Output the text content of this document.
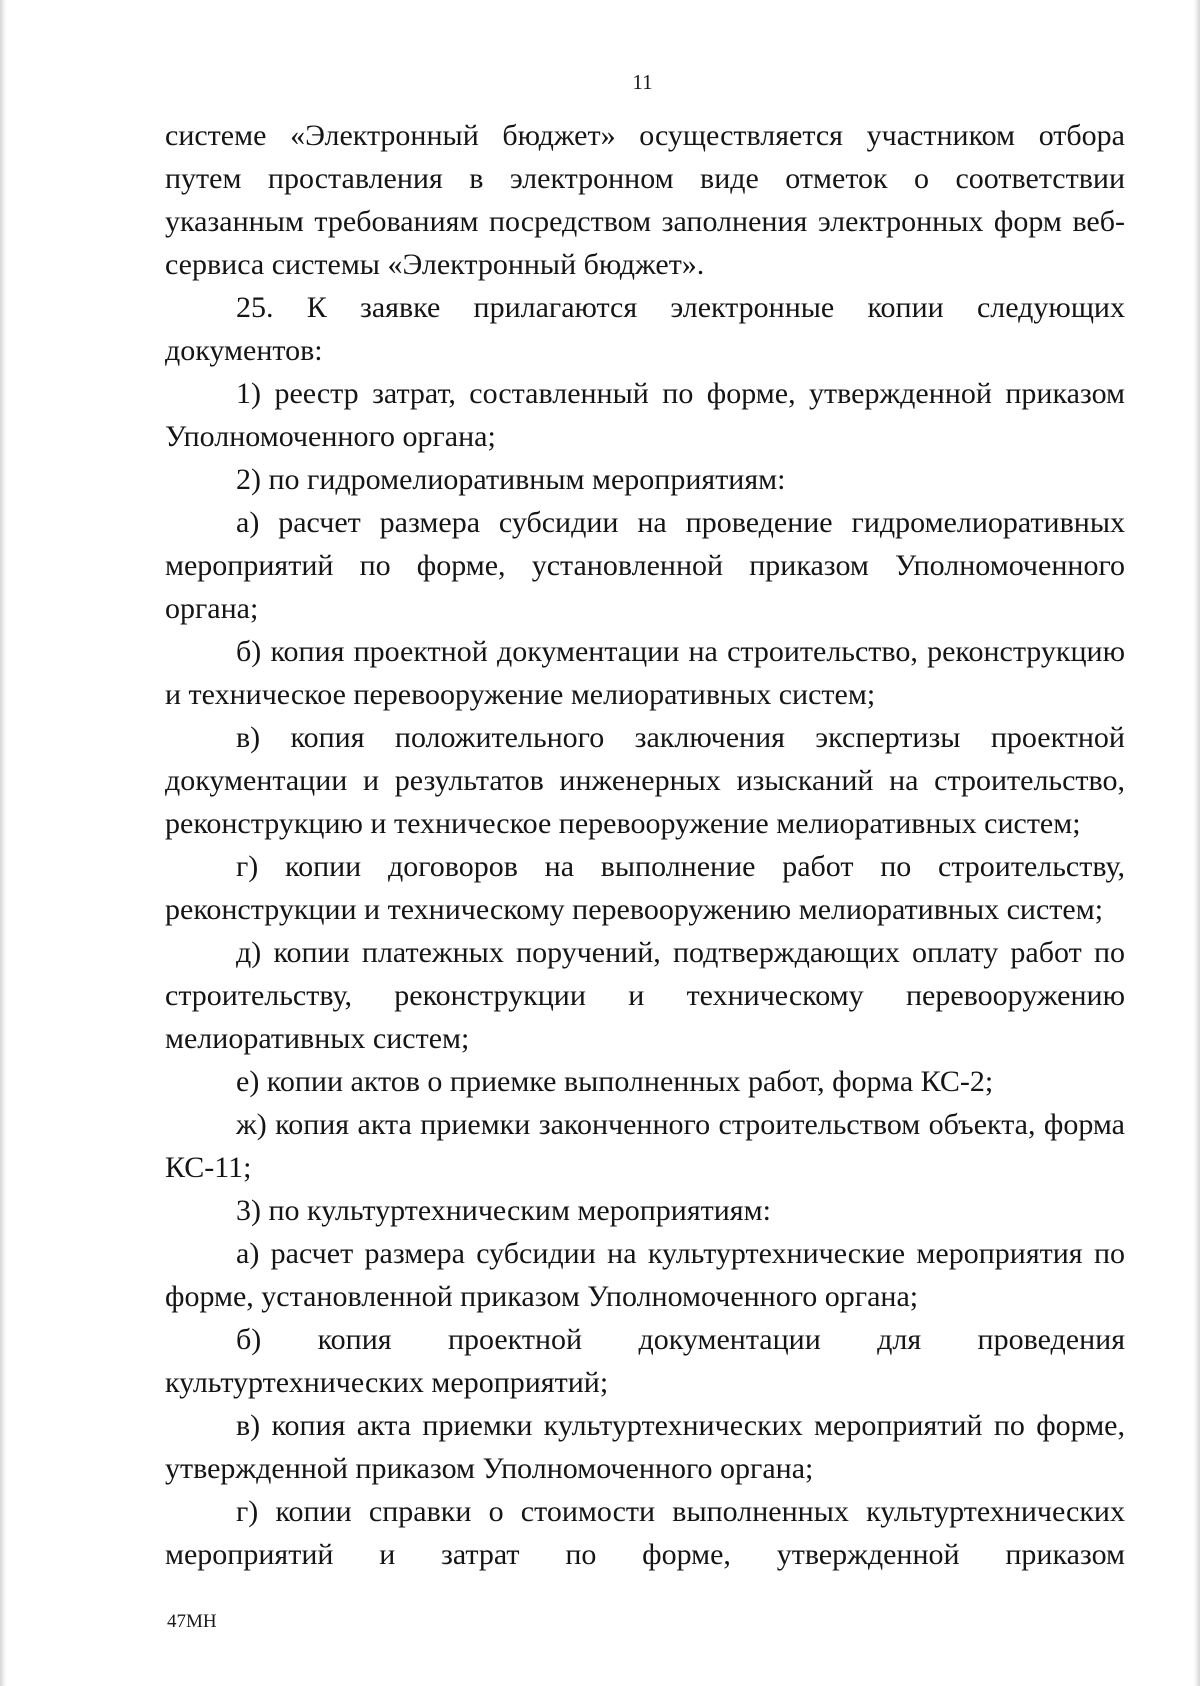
11

системе «Электронный бюджет» осуществляется участником отбора путем проставления в электронном виде отметок о соответствии указанным требованиям посредством заполнения электронных форм веб-сервиса системы «Электронный бюджет».

25. К заявке прилагаются электронные копии следующих документов:

1) реестр затрат, составленный по форме, утвержденной приказом Уполномоченного органа;

2) по гидромелиоративным мероприятиям:

а) расчет размера субсидии на проведение гидромелиоративных мероприятий по форме, установленной приказом Уполномоченного органа;

б) копия проектной документации на строительство, реконструкцию и техническое перевооружение мелиоративных систем;

в) копия положительного заключения экспертизы проектной документации и результатов инженерных изысканий на строительство, реконструкцию и техническое перевооружение мелиоративных систем;

г) копии договоров на выполнение работ по строительству, реконструкции и техническому перевооружению мелиоративных систем;

д) копии платежных поручений, подтверждающих оплату работ по строительству, реконструкции и техническому перевооружению мелиоративных систем;

е) копии актов о приемке выполненных работ, форма КС-2;

ж) копия акта приемки законченного строительством объекта, форма КС-11;

3) по культуртехническим мероприятиям:

а) расчет размера субсидии на культуртехнические мероприятия по форме, установленной приказом Уполномоченного органа;

б) копия проектной документации для проведения культуртехнических мероприятий;

в) копия акта приемки культуртехнических мероприятий по форме, утвержденной приказом Уполномоченного органа;

г) копии справки о стоимости выполненных культуртехнических мероприятий и затрат по форме, утвержденной приказом

47МН
